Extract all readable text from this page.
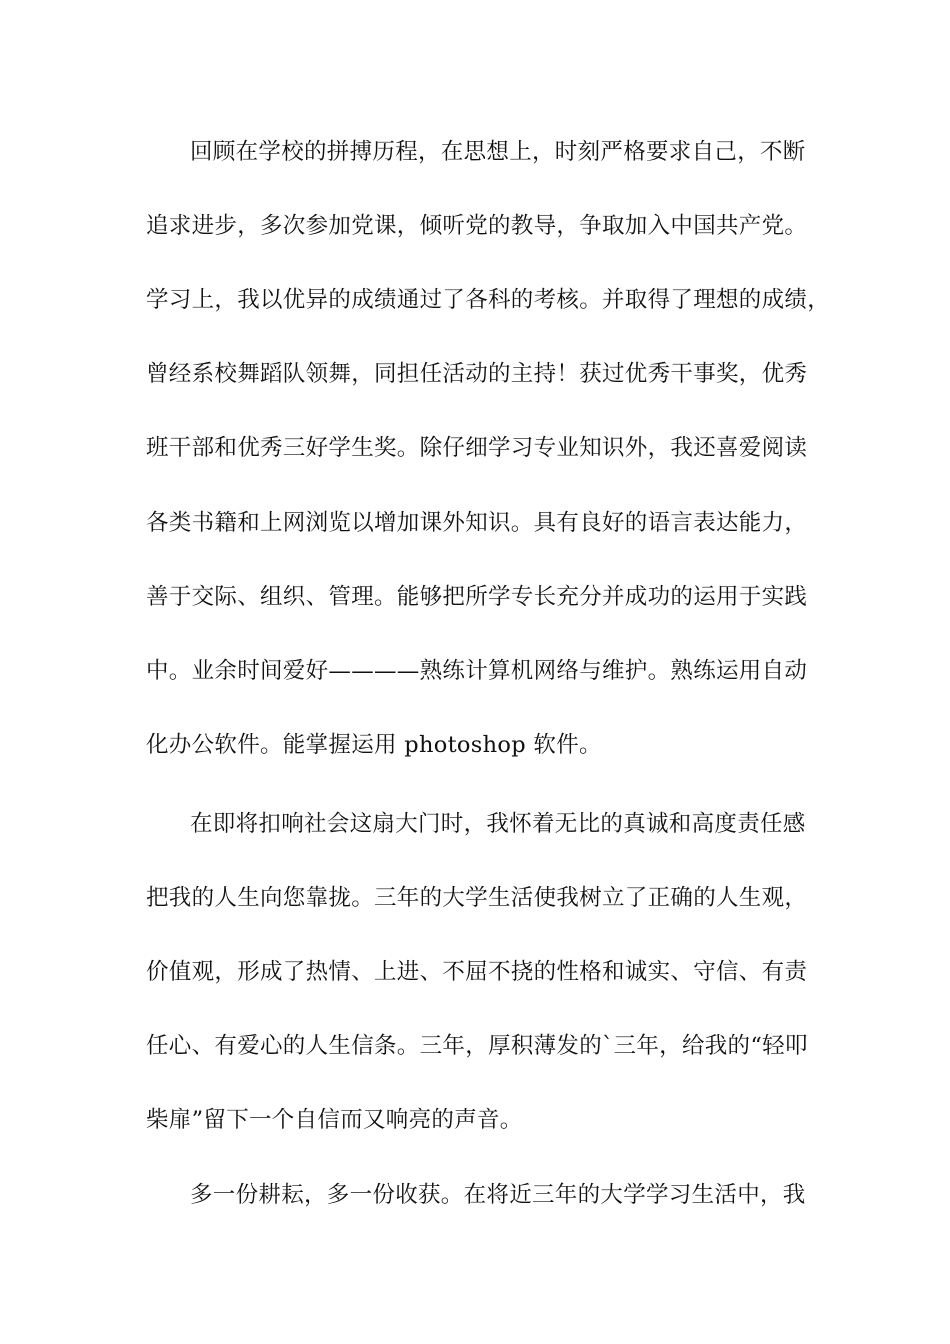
回顾在学校的拼搏历程，在思想上，时刻严格要求自己，不断
追求进步，多次参加党课，倾听党的教导，争取加入中国共产党。
学习上，我以优异的成绩通过了各科的考核。并取得了理想的成绩，
曾经系校舞蹈队领舞，同担任活动的主持！获过优秀干事奖，优秀
班干部和优秀三好学生奖。除仔细学习专业知识外，我还喜爱阅读
各类书籍和上网浏览以增加课外知识。具有良好的语言表达能力，
善于交际、组织、管理。能够把所学专长充分并成功的运用于实践
中。业余时间爱好————熟练计算机网络与维护。熟练运用自动
化办公软件。能掌握运用 photoshop 软件。
在即将扣响社会这扇大门时，我怀着无比的真诚和高度责任感
把我的人生向您靠拢。三年的大学生活使我树立了正确的人生观，
价值观，形成了热情、上进、不屈不挠的性格和诚实、守信、有责
任心、有爱心的人生信条。三年，厚积薄发的`三年，给我的“轻叩
柴扉”留下一个自信而又响亮的声音。
多一份耕耘，多一份收获。在将近三年的大学学习生活中，我
